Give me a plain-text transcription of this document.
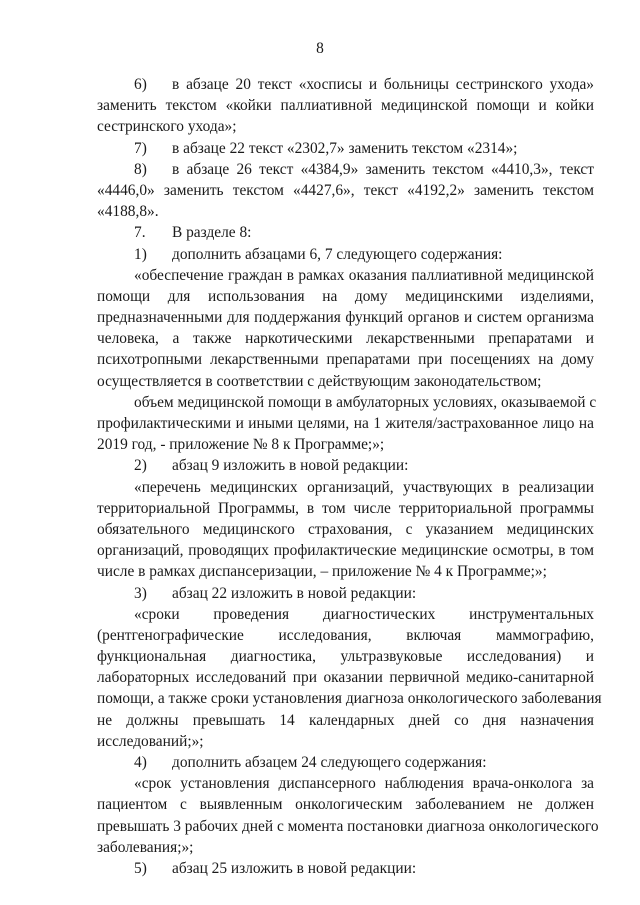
8
6)	в абзаце 20 текст «хосписы и больницы сестринского ухода»
заменить текстом «койки паллиативной медицинской помощи и койки
сестринского ухода»;
7)	в абзаце 22 текст «2302,7» заменить текстом «2314»;
8)	в абзаце 26 текст «4384,9» заменить текстом «4410,3», текст
«4446,0» заменить текстом «4427,6», текст «4192,2» заменить текстом
«4188,8».
7.	В разделе 8:
1)	дополнить абзацами 6, 7 следующего содержания:
«обеспечение граждан в рамках оказания паллиативной медицинской
помощи для использования на дому медицинскими изделиями,
предназначенными для поддержания функций органов и систем организма
человека, а также наркотическими лекарственными препаратами и
психотропными лекарственными препаратами при посещениях на дому
осуществляется в соответствии с действующим законодательством;
объем медицинской помощи в амбулаторных условиях, оказываемой с
профилактическими и иными целями, на 1 жителя/застрахованное лицо на
2019 год, - приложение № 8 к Программе;»;
2)	абзац 9 изложить в новой редакции:
«перечень медицинских организаций, участвующих в реализации
территориальной Программы, в том числе территориальной программы
обязательного медицинского страхования, с указанием медицинских
организаций, проводящих профилактические медицинские осмотры, в том
числе в рамках диспансеризации, – приложение № 4 к Программе;»;
3)	абзац 22 изложить в новой редакции:
«сроки проведения диагностических инструментальных
(рентгенографические исследования, включая маммографию,
функциональная диагностика, ультразвуковые исследования) и
лабораторных исследований при оказании первичной медико-санитарной
помощи, а также сроки установления диагноза онкологического заболевания
не должны превышать 14 календарных дней со дня назначения
исследований;»;
4)	дополнить абзацем 24 следующего содержания:
«срок установления диспансерного наблюдения врача-онколога за
пациентом с выявленным онкологическим заболеванием не должен
превышать 3 рабочих дней с момента постановки диагноза онкологического
заболевания;»;
5)	абзац 25 изложить в новой редакции:
